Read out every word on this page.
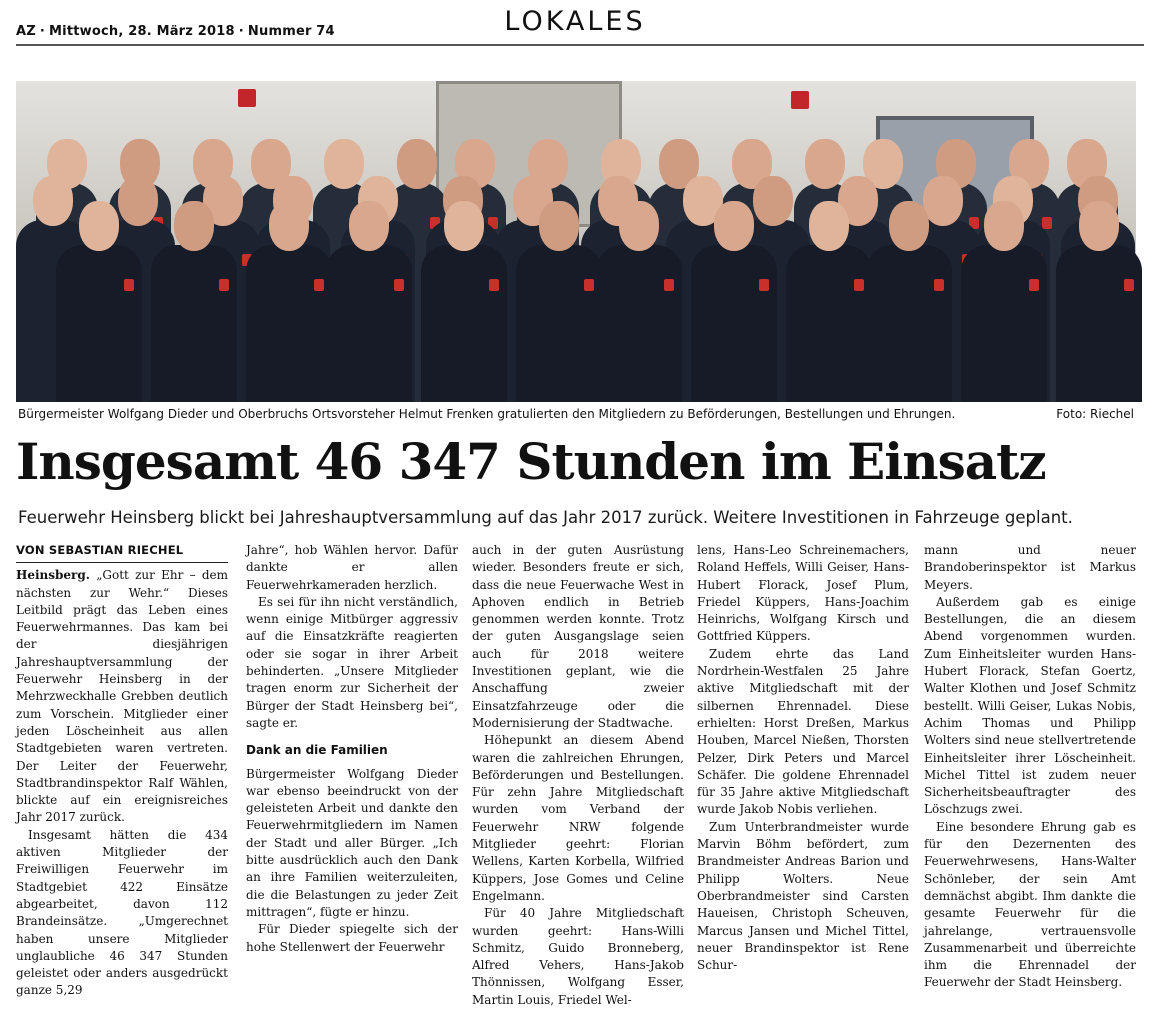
AZ · Mittwoch, 28. März 2018 · Nummer 74	LOKALES
Bürgermeister Wolfgang Dieder und Oberbruchs Ortsvorsteher Helmut Frenken gratulierten den Mitgliedern zu Beförderungen, Bestellungen und Ehrungen.	Foto: Riechel
Insgesamt 46 347 Stunden im Einsatz
Feuerwehr Heinsberg blickt bei Jahreshauptversammlung auf das Jahr 2017 zurück. Weitere Investitionen in Fahrzeuge geplant.
VON SEBASTIAN RIECHEL

Heinsberg. „Gott zur Ehr – dem nächsten zur Wehr.“ Dieses Leitbild prägt das Leben eines Feuerwehrmannes. Das kam bei der diesjährigen Jahreshauptversammlung der Feuerwehr Heinsberg in der Mehrzweckhalle Grebben deutlich zum Vorschein. Mitglieder einer jeden Löscheinheit aus allen Stadtgebieten waren vertreten. Der Leiter der Feuerwehr, Stadtbrandinspektor Ralf Wählen, blickte auf ein ereignisreiches Jahr 2017 zurück.

Insgesamt hätten die 434 aktiven Mitglieder der Freiwilligen Feuerwehr im Stadtgebiet 422 Einsätze abgearbeitet, davon 112 Brandeinsätze. „Umgerechnet haben unsere Mitglieder unglaubliche 46 347 Stunden geleistet oder anders ausgedrückt ganze 5,29

Jahre“, hob Wählen hervor. Dafür dankte er allen Feuerwehrkameraden herzlich.

Es sei für ihn nicht verständlich, wenn einige Mitbürger aggressiv auf die Einsatzkräfte reagierten oder sie sogar in ihrer Arbeit behinderten. „Unsere Mitglieder tragen enorm zur Sicherheit der Bürger der Stadt Heinsberg bei“, sagte er.

Dank an die Familien

Bürgermeister Wolfgang Dieder war ebenso beeindruckt von der geleisteten Arbeit und dankte den Feuerwehrmitgliedern im Namen der Stadt und aller Bürger. „Ich bitte ausdrücklich auch den Dank an ihre Familien weiterzuleiten, die die Belastungen zu jeder Zeit mittragen“, fügte er hinzu.

Für Dieder spiegelte sich der hohe Stellenwert der Feuerwehr

auch in der guten Ausrüstung wieder. Besonders freute er sich, dass die neue Feuerwache West in Aphoven endlich in Betrieb genommen werden konnte. Trotz der guten Ausgangslage seien auch für 2018 weitere Investitionen geplant, wie die Anschaffung zweier Einsatzfahrzeuge oder die Modernisierung der Stadtwache.

Höhepunkt an diesem Abend waren die zahlreichen Ehrungen, Beförderungen und Bestellungen. Für zehn Jahre Mitgliedschaft wurden vom Verband der Feuerwehr NRW folgende Mitglieder geehrt: Florian Wellens, Karten Korbella, Wilfried Küppers, Jose Gomes und Celine Engelmann.

Für 40 Jahre Mitgliedschaft wurden geehrt: Hans-Willi Schmitz, Guido Bronneberg, Alfred Vehers, Hans-Jakob Thönnissen, Wolfgang Esser, Martin Louis, Friedel Wel-

lens, Hans-Leo Schreinemachers, Roland Heffels, Willi Geiser, Hans-Hubert Florack, Josef Plum, Friedel Küppers, Hans-Joachim Heinrichs, Wolfgang Kirsch und Gottfried Küppers.

Zudem ehrte das Land Nordrhein-Westfalen 25 Jahre aktive Mitgliedschaft mit der silbernen Ehrennadel. Diese erhielten: Horst Dreßen, Markus Houben, Marcel Nießen, Thorsten Pelzer, Dirk Peters und Marcel Schäfer. Die goldene Ehrennadel für 35 Jahre aktive Mitgliedschaft wurde Jakob Nobis verliehen.

Zum Unterbrandmeister wurde Marvin Böhm befördert, zum Brandmeister Andreas Barion und Philipp Wolters. Neue Oberbrandmeister sind Carsten Haueisen, Christoph Scheuven, Marcus Jansen und Michel Tittel, neuer Brandinspektor ist Rene Schur-

mann und neuer Brandoberinspektor ist Markus Meyers.

Außerdem gab es einige Bestellungen, die an diesem Abend vorgenommen wurden. Zum Einheitsleiter wurden Hans-Hubert Florack, Stefan Goertz, Walter Klothen und Josef Schmitz bestellt. Willi Geiser, Lukas Nobis, Achim Thomas und Philipp Wolters sind neue stellvertretende Einheitsleiter ihrer Löscheinheit. Michel Tittel ist zudem neuer Sicherheitsbeauftragter des Löschzugs zwei.

Eine besondere Ehrung gab es für den Dezernenten des Feuerwehrwesens, Hans-Walter Schönleber, der sein Amt demnächst abgibt. Ihm dankte die gesamte Feuerwehr für die jahrelange, vertrauensvolle Zusammenarbeit und überreichte ihm die Ehrennadel der Feuerwehr der Stadt Heinsberg.
